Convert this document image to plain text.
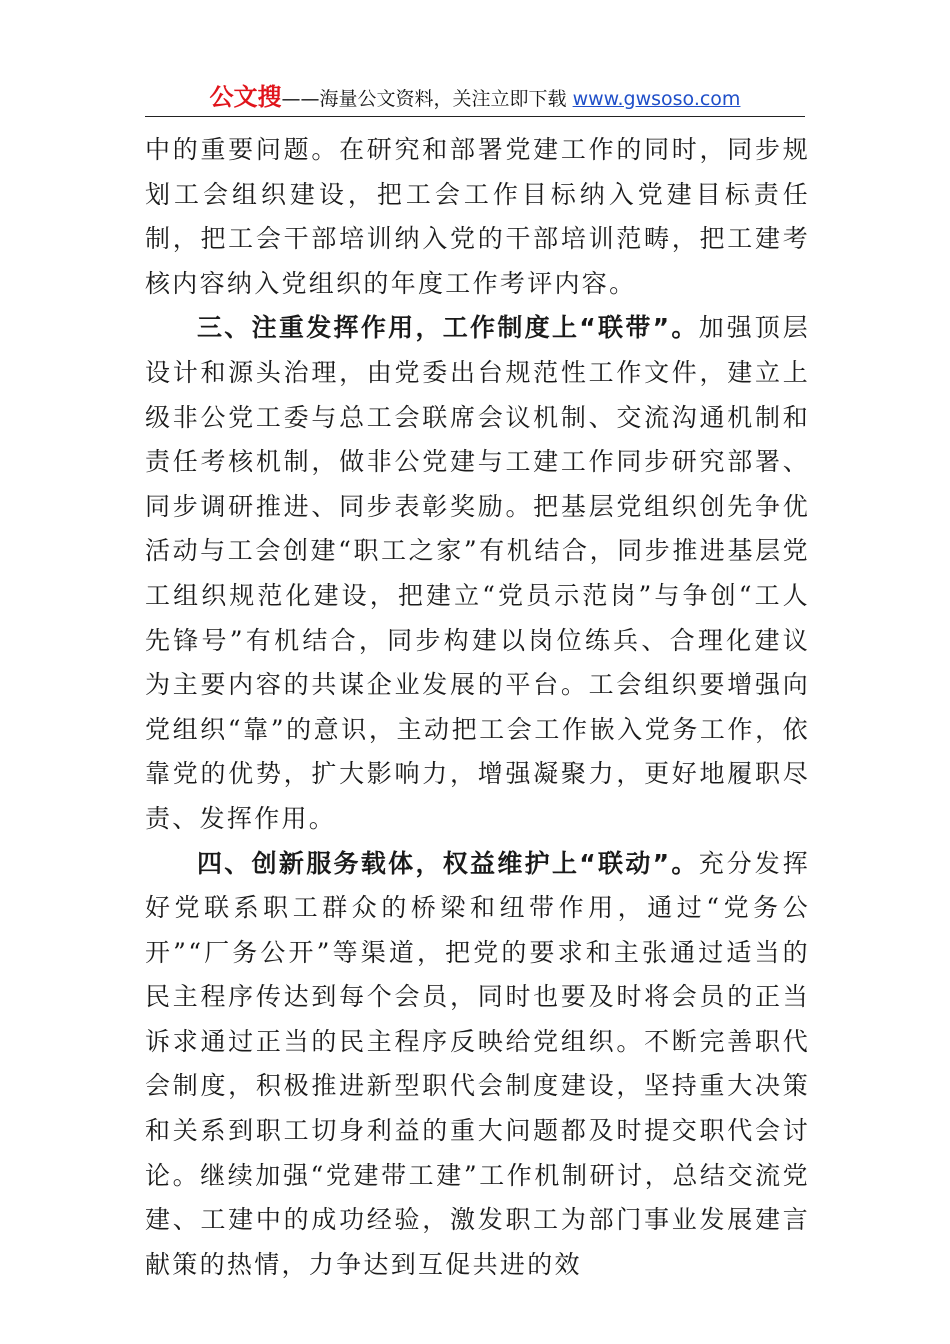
公文搜——海量公文资料，关注立即下载 www.gwsoso.com

中的重要问题。在研究和部署党建工作的同时，同步规划工会组织建设，把工会工作目标纳入党建目标责任制，把工会干部培训纳入党的干部培训范畴，把工建考核内容纳入党组织的年度工作考评内容。

三、注重发挥作用，工作制度上“联带”。加强顶层设计和源头治理，由党委出台规范性工作文件，建立上级非公党工委与总工会联席会议机制、交流沟通机制和责任考核机制，做非公党建与工建工作同步研究部署、同步调研推进、同步表彰奖励。把基层党组织创先争优活动与工会创建“职工之家”有机结合，同步推进基层党工组织规范化建设，把建立“党员示范岗”与争创“工人先锋号”有机结合，同步构建以岗位练兵、合理化建议为主要内容的共谋企业发展的平台。工会组织要增强向党组织“靠”的意识，主动把工会工作嵌入党务工作，依靠党的优势，扩大影响力，增强凝聚力，更好地履职尽责、发挥作用。

四、创新服务载体，权益维护上“联动”。充分发挥好党联系职工群众的桥梁和纽带作用，通过“党务公开”“厂务公开”等渠道，把党的要求和主张通过适当的民主程序传达到每个会员，同时也要及时将会员的正当诉求通过正当的民主程序反映给党组织。不断完善职代会制度，积极推进新型职代会制度建设，坚持重大决策和关系到职工切身利益的重大问题都及时提交职代会讨论。继续加强“党建带工建”工作机制研讨，总结交流党建、工建中的成功经验，激发职工为部门事业发展建言献策的热情，力争达到互促共进的效
